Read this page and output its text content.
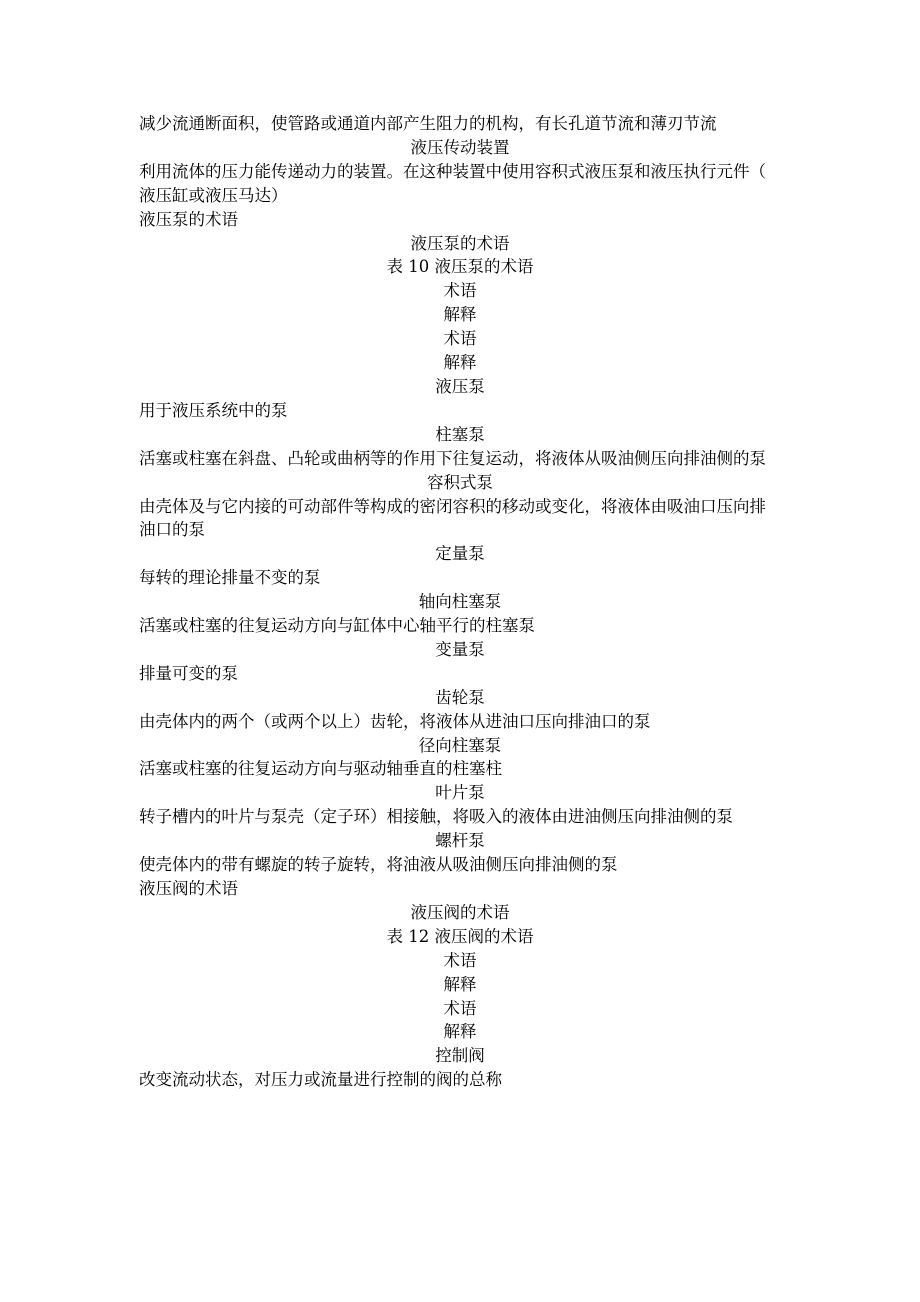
减少流通断面积，使管路或通道内部产生阻力的机构，有长孔道节流和薄刃节流

液压传动装置

利用流体的压力能传递动力的装置。在这种装置中使用容积式液压泵和液压执行元件（液压缸或液压马达）

液压泵的术语

液压泵的术语

表 10 液压泵的术语

术语

解释

术语

解释

液压泵

用于液压系统中的泵

柱塞泵

活塞或柱塞在斜盘、凸轮或曲柄等的作用下往复运动，将液体从吸油侧压向排油侧的泵

容积式泵

由壳体及与它内接的可动部件等构成的密闭容积的移动或变化，将液体由吸油口压向排油口的泵

定量泵

每转的理论排量不变的泵

轴向柱塞泵

活塞或柱塞的往复运动方向与缸体中心轴平行的柱塞泵

变量泵

排量可变的泵

齿轮泵

由壳体内的两个（或两个以上）齿轮，将液体从进油口压向排油口的泵

径向柱塞泵

活塞或柱塞的往复运动方向与驱动轴垂直的柱塞柱

叶片泵

转子槽内的叶片与泵壳（定子环）相接触，将吸入的液体由进油侧压向排油侧的泵

螺杆泵

使壳体内的带有螺旋的转子旋转，将油液从吸油侧压向排油侧的泵

液压阀的术语

液压阀的术语

表 12 液压阀的术语

术语

解释

术语

解释

控制阀

改变流动状态，对压力或流量进行控制的阀的总称
